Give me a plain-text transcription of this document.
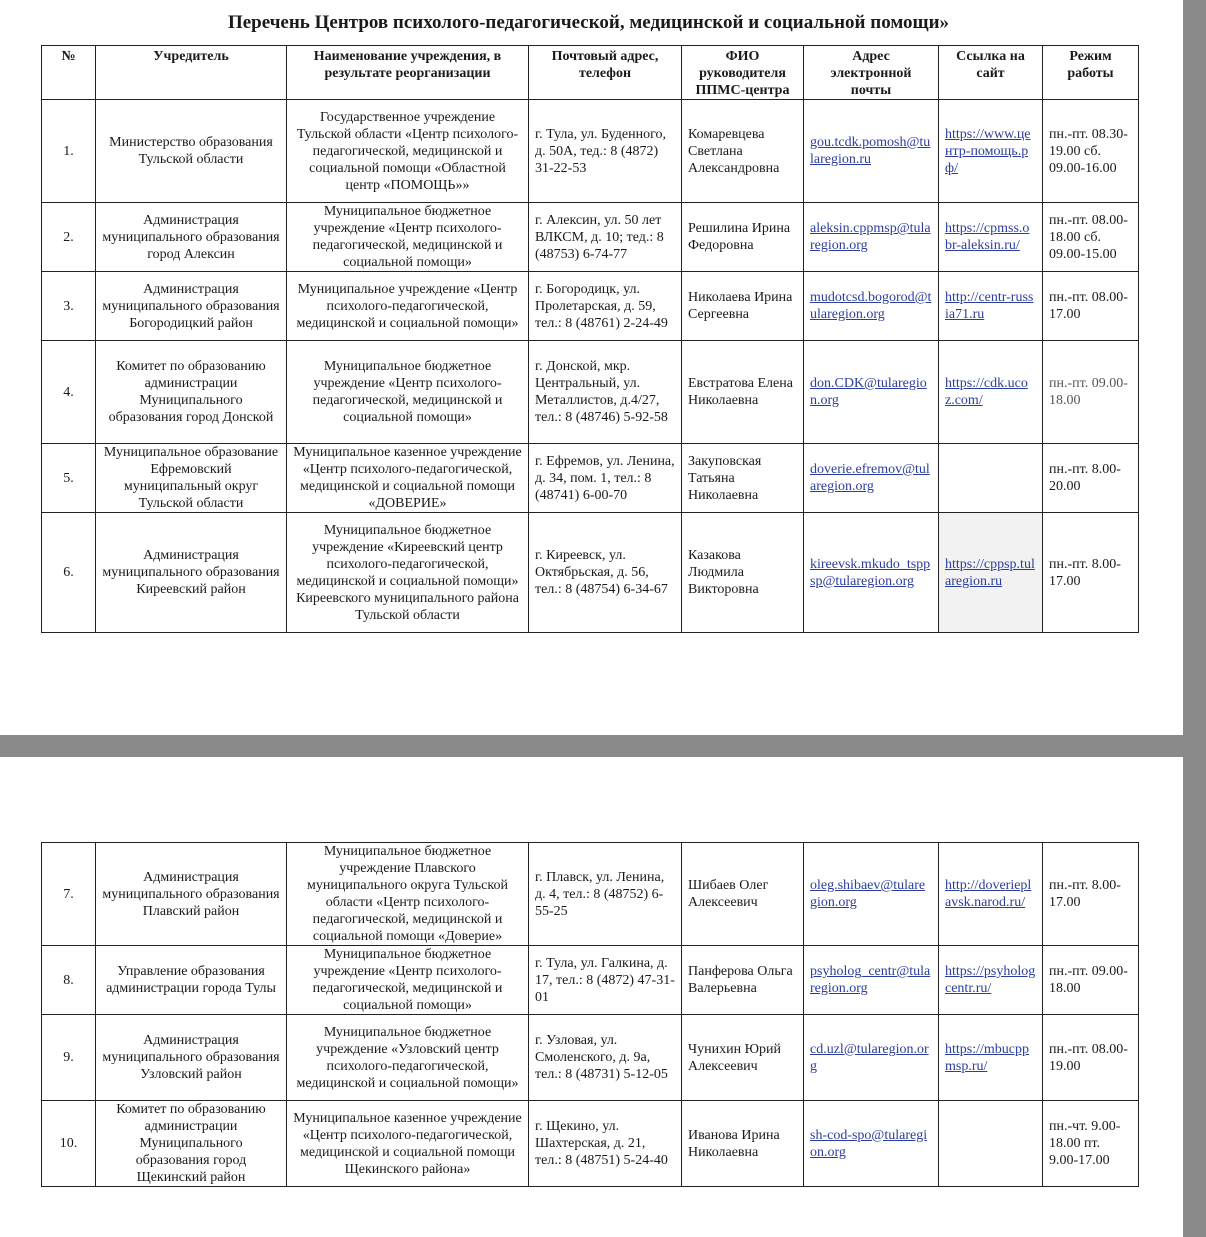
Перечень Центров психолого-педагогической, медицинской и социальной помощи»
№	Учредитель	Наименование учреждения, в результате реорганизации	Почтовый адрес, телефон	ФИО руководителя ППМС-центра	Адрес электронной почты	Ссылка на сайт	Режим работы
1.	Министерство образования Тульской области	Государственное учреждение Тульской области «Центр психолого-педагогической, медицинской и социальной помощи «Областной центр «ПОМОЩЬ»»	г. Тула, ул. Буденного, д. 50А, тед.: 8 (4872) 31-22-53	Комаревцева Светлана Александровна	gou.tcdk.pomosh@tularegion.ru	https://www.центр-помощь.рф/	пн.-пт. 08.30-19.00 сб. 09.00-16.00
2.	Администрация муниципального образования город Алексин	Муниципальное бюджетное учреждение «Центр психолого-педагогической, медицинской и социальной помощи»	г. Алексин, ул. 50 лет ВЛКСМ, д. 10; тед.: 8 (48753) 6-74-77	Решилина Ирина Федоровна	aleksin.cppmsp@tularegion.org	https://cpmss.obr-aleksin.ru/	пн.-пт. 08.00-18.00 сб. 09.00-15.00
3.	Администрация муниципального образования Богородицкий район	Муниципальное учреждение «Центр психолого-педагогической, медицинской и социальной помощи»	г. Богородицк, ул. Пролетарская, д. 59, тел.: 8 (48761) 2-24-49	Николаева Ирина Сергеевна	mudotcsd.bogorod@tularegion.org	http://centr-russia71.ru	пн.-пт. 08.00-17.00
4.	Комитет по образованию администрации Муниципального образования город Донской	Муниципальное бюджетное учреждение «Центр психолого-педагогической, медицинской и социальной помощи»	г. Донской, мкр. Центральный, ул. Металлистов, д.4/27, тел.: 8 (48746) 5-92-58	Евстратова Елена Николаевна	don.CDK@tularegion.org	https://cdk.ucoz.com/	пн.-пт. 09.00-18.00
5.	Муниципальное образование Ефремовский муниципальный округ Тульской области	Муниципальное казенное учреждение «Центр психолого-педагогической, медицинской и социальной помощи «ДОВЕРИЕ»	г. Ефремов, ул. Ленина, д. 34, пом. 1, тел.: 8 (48741) 6-00-70	Закуповская Татьяна Николаевна	doverie.efremov@tularegion.org		пн.-пт. 8.00-20.00
6.	Администрация муниципального образования Киреевский район	Муниципальное бюджетное учреждение «Киреевский центр психолого-педагогической, медицинской и социальной помощи» Киреевского муниципального района Тульской области	г. Киреевск, ул. Октябрьская, д. 56, тел.: 8 (48754) 6-34-67	Казакова Людмила Викторовна	kireevsk.mkudo_tsppsp@tularegion.org	https://cppsp.tularegion.ru	пн.-пт. 8.00-17.00
7.	Администрация муниципального образования Плавский район	Муниципальное бюджетное учреждение Плавского муниципального округа Тульской области «Центр психолого-педагогической, медицинской и социальной помощи «Доверие»	г. Плавск, ул. Ленина, д. 4, тел.: 8 (48752) 6-55-25	Шибаев Олег Алексеевич	oleg.shibaev@tularegion.org	http://doverieplavsk.narod.ru/	пн.-пт. 8.00-17.00
8.	Управление образования администрации города Тулы	Муниципальное бюджетное учреждение «Центр психолого-педагогической, медицинской и социальной помощи»	г. Тула, ул. Галкина, д. 17, тел.: 8 (4872) 47-31-01	Панферова Ольга Валерьевна	psyholog_centr@tularegion.org	https://psyhologcentr.ru/	пн.-пт. 09.00-18.00
9.	Администрация муниципального образования Узловский район	Муниципальное бюджетное учреждение «Узловский центр психолого-педагогической, медицинской и социальной помощи»	г. Узловая, ул. Смоленского, д. 9а, тел.: 8 (48731) 5-12-05	Чунихин Юрий Алексеевич	cd.uzl@tularegion.org	https://mbucppmsp.ru/	пн.-пт. 08.00-19.00
10.	Комитет по образованию администрации Муниципального образования город Щекинский район	Муниципальное казенное учреждение «Центр психолого-педагогической, медицинской и социальной помощи Щекинского района»	г. Щекино, ул. Шахтерская, д. 21, тел.: 8 (48751) 5-24-40	Иванова Ирина Николаевна	sh-cod-spo@tularegion.org		пн.-чт. 9.00-18.00 пт. 9.00-17.00
